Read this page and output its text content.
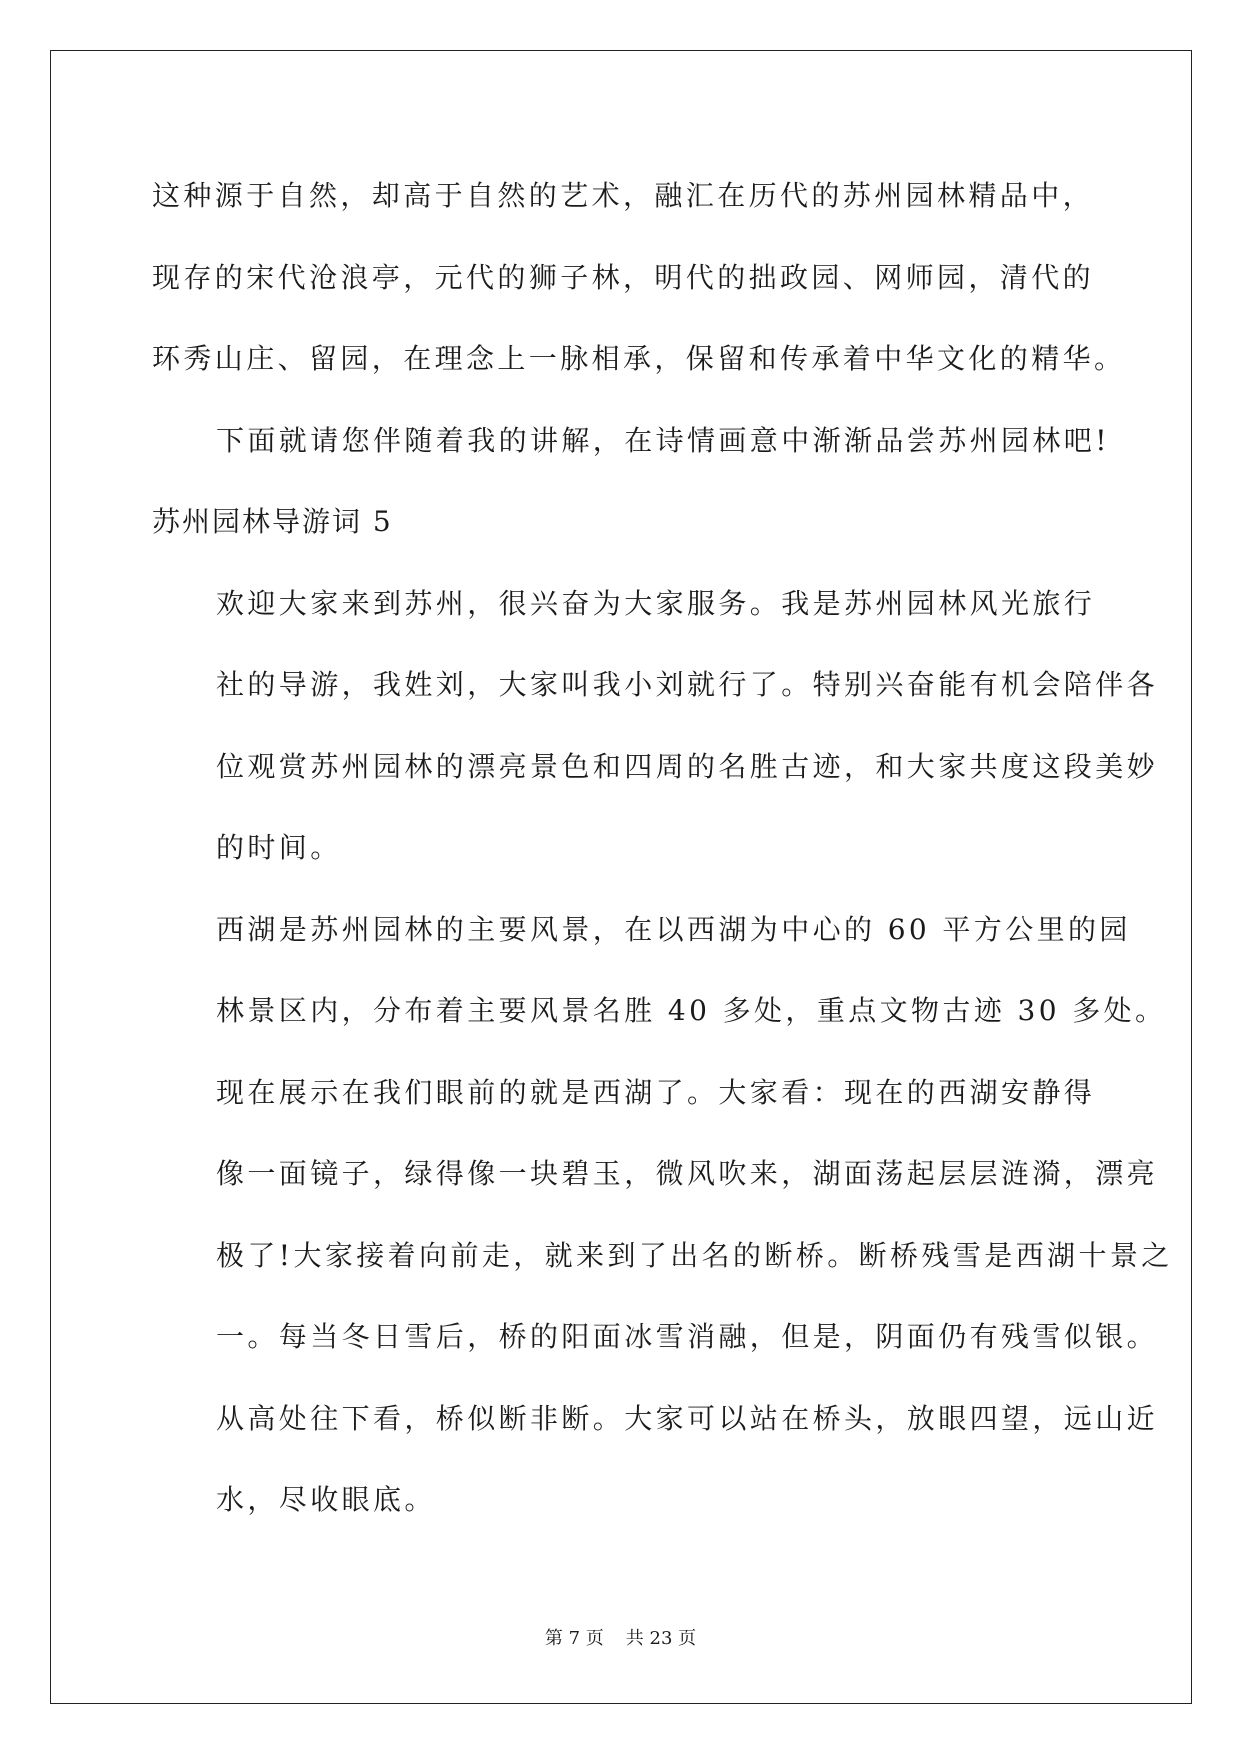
这种源于自然，却高于自然的艺术，融汇在历代的苏州园林精品中，
现存的宋代沧浪亭，元代的狮子林，明代的拙政园、网师园，清代的
环秀山庄、留园，在理念上一脉相承，保留和传承着中华文化的精华。

下面就请您伴随着我的讲解，在诗情画意中渐渐品尝苏州园林吧!

苏州园林导游词 5

欢迎大家来到苏州，很兴奋为大家服务。我是苏州园林风光旅行
社的导游，我姓刘，大家叫我小刘就行了。特别兴奋能有机会陪伴各
位观赏苏州园林的漂亮景色和四周的名胜古迹，和大家共度这段美妙
的时间。

西湖是苏州园林的主要风景，在以西湖为中心的 60 平方公里的园
林景区内，分布着主要风景名胜 40 多处，重点文物古迹 30 多处。

现在展示在我们眼前的就是西湖了。大家看：现在的西湖安静得
像一面镜子，绿得像一块碧玉，微风吹来，湖面荡起层层涟漪，漂亮
极了!大家接着向前走，就来到了出名的断桥。断桥残雪是西湖十景之
一。每当冬日雪后，桥的阳面冰雪消融，但是，阴面仍有残雪似银。
从高处往下看，桥似断非断。大家可以站在桥头，放眼四望，远山近
水，尽收眼底。

第 7 页 共 23 页
